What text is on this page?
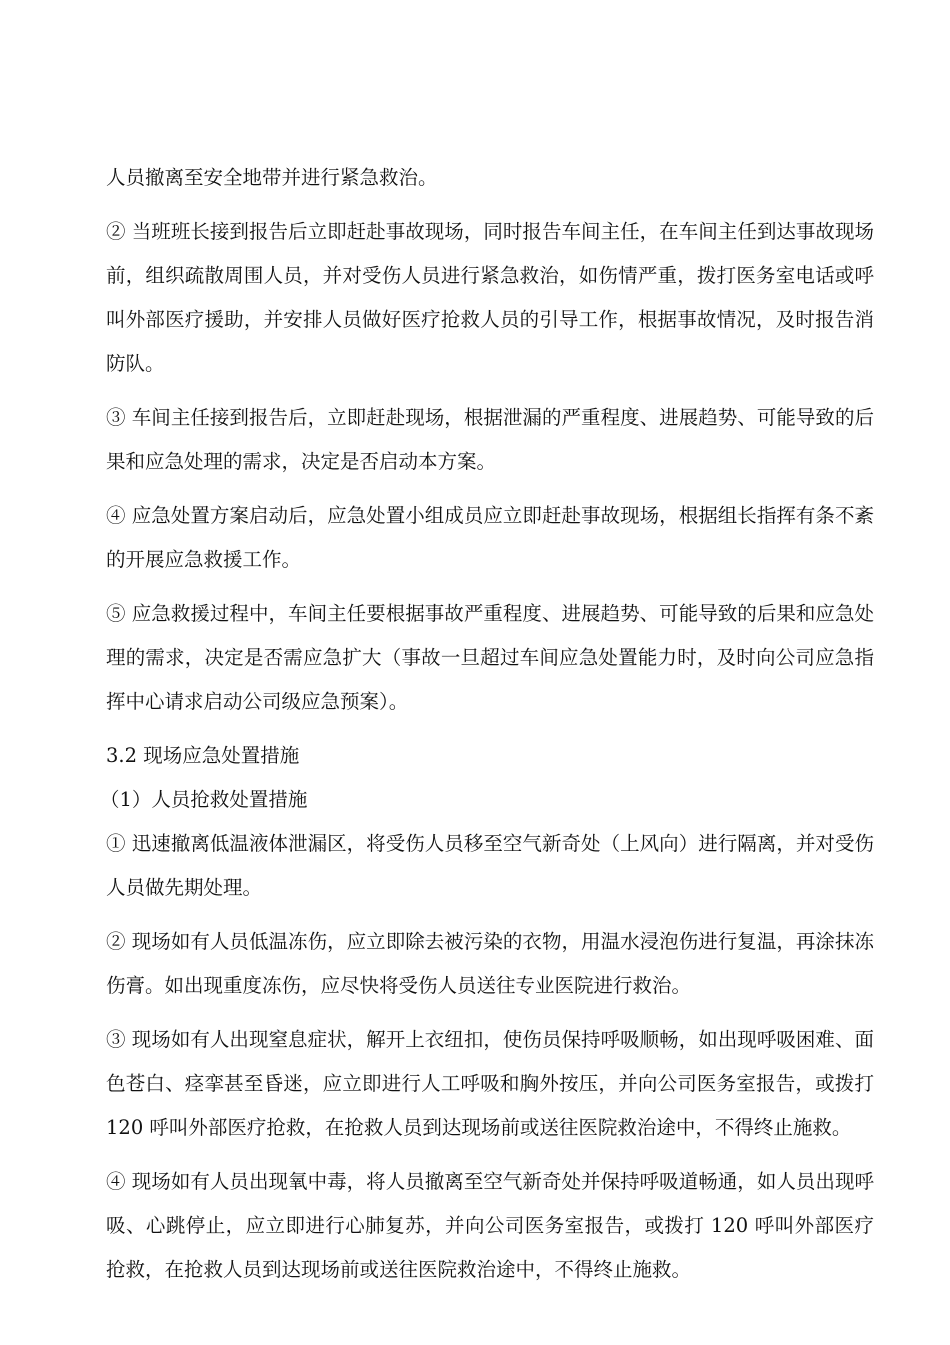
人员撤离至安全地带并进行紧急救治。

② 当班班长接到报告后立即赶赴事故现场，同时报告车间主任，在车间主任到达事故现场前，组织疏散周围人员，并对受伤人员进行紧急救治，如伤情严重，拨打医务室电话或呼叫外部医疗援助，并安排人员做好医疗抢救人员的引导工作，根据事故情况，及时报告消防队。

③ 车间主任接到报告后，立即赶赴现场，根据泄漏的严重程度、进展趋势、可能导致的后果和应急处理的需求，决定是否启动本方案。

④ 应急处置方案启动后，应急处置小组成员应立即赶赴事故现场，根据组长指挥有条不紊的开展应急救援工作。

⑤ 应急救援过程中，车间主任要根据事故严重程度、进展趋势、可能导致的后果和应急处理的需求，决定是否需应急扩大（事故一旦超过车间应急处置能力时，及时向公司应急指挥中心请求启动公司级应急预案）。

3.2 现场应急处置措施

（1）人员抢救处置措施

① 迅速撤离低温液体泄漏区，将受伤人员移至空气新奇处（上风向）进行隔离，并对受伤人员做先期处理。

② 现场如有人员低温冻伤，应立即除去被污染的衣物，用温水浸泡伤进行复温，再涂抹冻伤膏。如出现重度冻伤，应尽快将受伤人员送往专业医院进行救治。

③ 现场如有人出现窒息症状，解开上衣纽扣，使伤员保持呼吸顺畅，如出现呼吸困难、面色苍白、痉挛甚至昏迷，应立即进行人工呼吸和胸外按压，并向公司医务室报告，或拨打 120 呼叫外部医疗抢救，在抢救人员到达现场前或送往医院救治途中，不得终止施救。

④ 现场如有人员出现氧中毒，将人员撤离至空气新奇处并保持呼吸道畅通，如人员出现呼吸、心跳停止，应立即进行心肺复苏，并向公司医务室报告，或拨打 120 呼叫外部医疗抢救，在抢救人员到达现场前或送往医院救治途中，不得终止施救。
